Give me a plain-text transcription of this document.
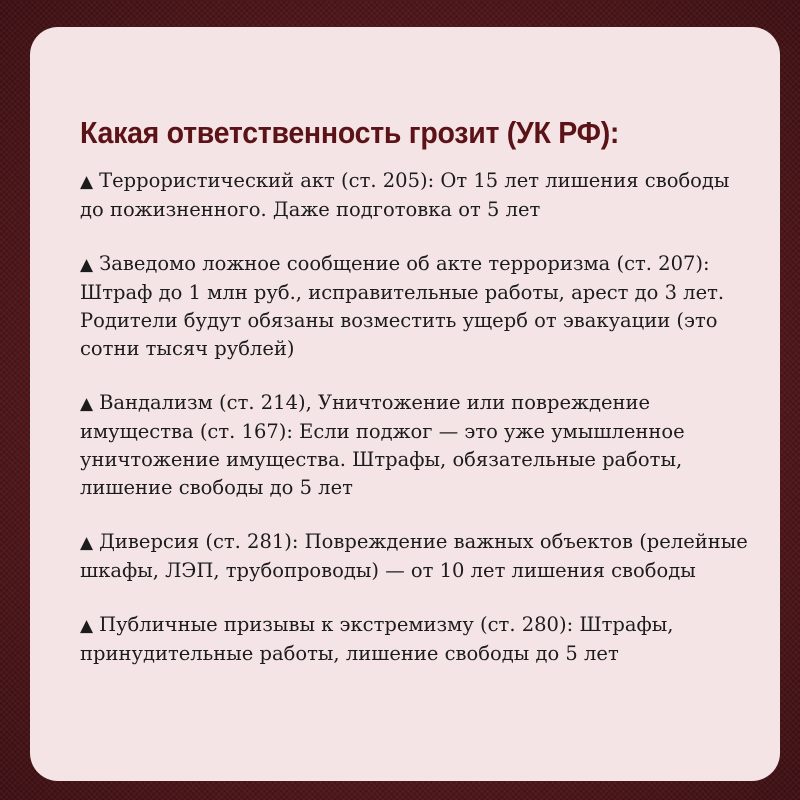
Какая ответственность грозит (УК РФ):

▲ Террористический акт (ст. 205): От 15 лет лишения свободы до пожизненного. Даже подготовка от 5 лет

▲ Заведомо ложное сообщение об акте терроризма (ст. 207): Штраф до 1 млн руб., исправительные работы, арест до 3 лет. Родители будут обязаны возместить ущерб от эвакуации (это сотни тысяч рублей)

▲ Вандализм (ст. 214), Уничтожение или повреждение имущества (ст. 167): Если поджог — это уже умышленное уничтожение имущества. Штрафы, обязательные работы, лишение свободы до 5 лет

▲ Диверсия (ст. 281): Повреждение важных объектов (релейные шкафы, ЛЭП, трубопроводы) — от 10 лет лишения свободы

▲ Публичные призывы к экстремизму (ст. 280): Штрафы, принудительные работы, лишение свободы до 5 лет
